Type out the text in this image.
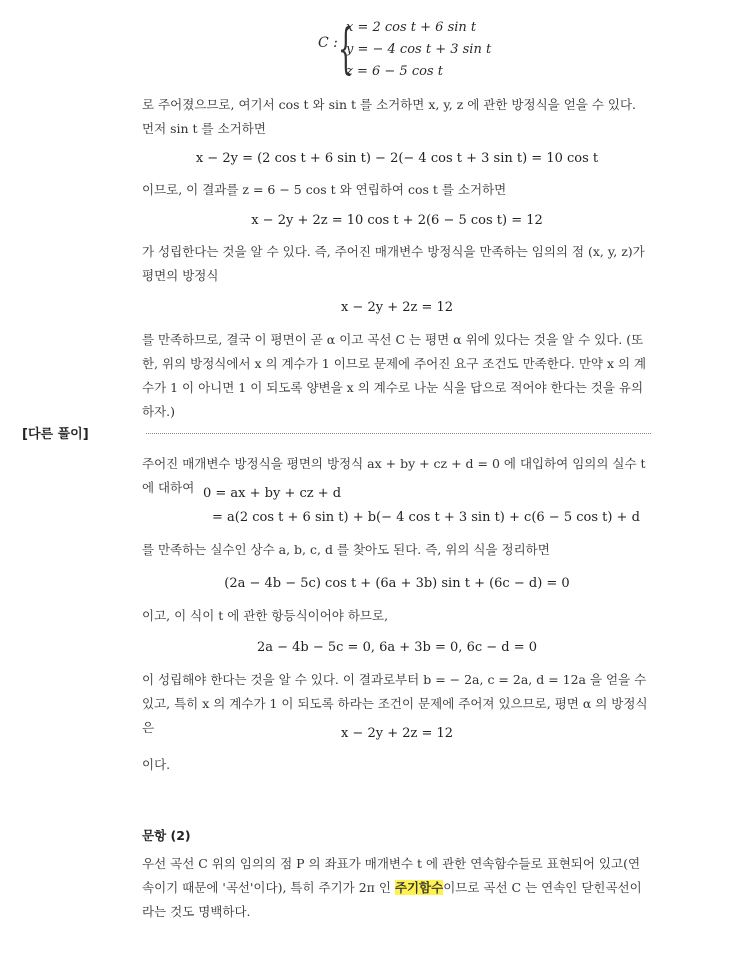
C : {
x = 2 cos t + 6 sin t
y = − 4 cos t + 3 sin t
z = 6 − 5 cos t
로 주어졌으므로, 여기서 cos t 와 sin t 를 소거하면 x, y, z 에 관한 방정식을 얻을 수 있다. 먼저 sin t 를 소거하면
x − 2y = (2 cos t + 6 sin t) − 2(− 4 cos t + 3 sin t) = 10 cos t
이므로, 이 결과를 z = 6 − 5 cos t 와 연립하여 cos t 를 소거하면
x − 2y + 2z = 10 cos t + 2(6 − 5 cos t) = 12
가 성립한다는 것을 알 수 있다. 즉, 주어진 매개변수 방정식을 만족하는 임의의 점 (x, y, z)가 평면의 방정식
x − 2y + 2z = 12
를 만족하므로, 결국 이 평면이 곧 α 이고 곡선 C 는 평면 α 위에 있다는 것을 알 수 있다. (또한, 위의 방정식에서 x 의 계수가 1 이므로 문제에 주어진 요구 조건도 만족한다. 만약 x 의 계수가 1 이 아니면 1 이 되도록 양변을 x 의 계수로 나눈 식을 답으로 적어야 한다는 것을 유의하자.)
[다른 풀이]
주어진 매개변수 방정식을 평면의 방정식 ax + by + cz + d = 0 에 대입하여 임의의 실수 t 에 대하여 0 = ax + by + cz + d
= a(2 cos t + 6 sin t) + b(− 4 cos t + 3 sin t) + c(6 − 5 cos t) + d
를 만족하는 실수인 상수 a, b, c, d 를 찾아도 된다. 즉, 위의 식을 정리하면
(2a − 4b − 5c) cos t + (6a + 3b) sin t + (6c − d) = 0
이고, 이 식이 t 에 관한 항등식이어야 하므로,
2a − 4b − 5c = 0, 6a + 3b = 0, 6c − d = 0
이 성립해야 한다는 것을 알 수 있다. 이 결과로부터 b = − 2a, c = 2a, d = 12a 을 얻을 수 있고, 특히 x 의 계수가 1 이 되도록 하라는 조건이 문제에 주어져 있으므로, 평면 α 의 방정식은	x − 2y + 2z = 12
이다.
문항 (2)
우선 곡선 C 위의 임의의 점 P 의 좌표가 매개변수 t 에 관한 연속함수들로 표현되어 있고(연속이기 때문에 '곡선'이다), 특히 주기가 2π 인 주기함수이므로 곡선 C 는 연속인 닫힌곡선이라는 것도 명백하다.
